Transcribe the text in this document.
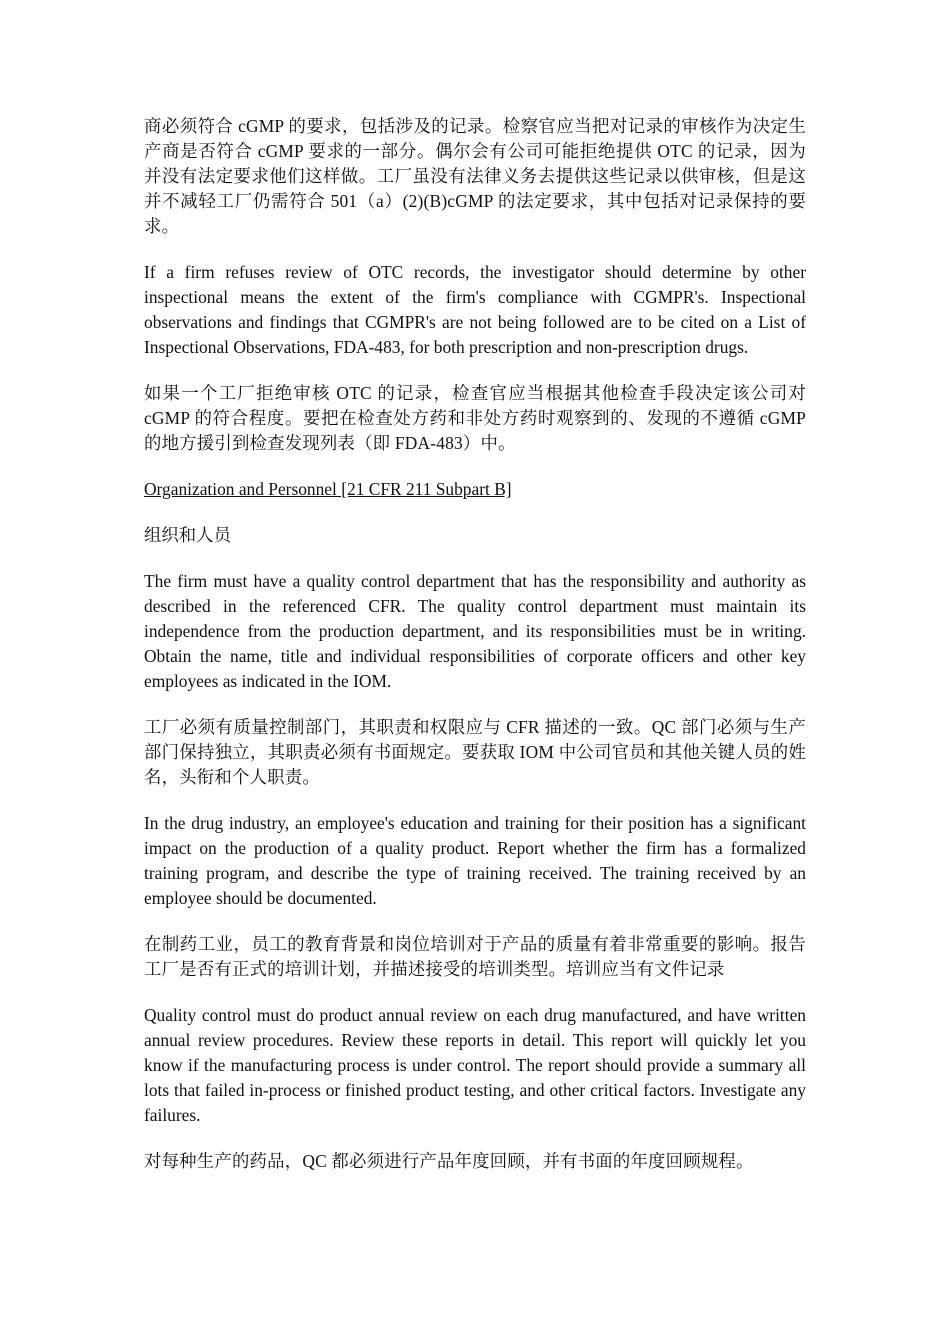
商必须符合 cGMP 的要求，包括涉及的记录。检察官应当把对记录的审核作为决定生产商是否符合 cGMP 要求的一部分。偶尔会有公司可能拒绝提供 OTC 的记录，因为并没有法定要求他们这样做。工厂虽没有法律义务去提供这些记录以供审核，但是这并不减轻工厂仍需符合 501（a）(2)(B)cGMP 的法定要求，其中包括对记录保持的要求。

If a firm refuses review of OTC records, the investigator should determine by other inspectional means the extent of the firm's compliance with CGMPR's. Inspectional observations and findings that CGMPR's are not being followed are to be cited on a List of Inspectional Observations, FDA-483, for both prescription and non-prescription drugs.

如果一个工厂拒绝审核 OTC 的记录，检查官应当根据其他检查手段决定该公司对 cGMP 的符合程度。要把在检查处方药和非处方药时观察到的、发现的不遵循 cGMP 的地方援引到检查发现列表（即 FDA-483）中。

Organization and Personnel [21 CFR 211 Subpart B]

组织和人员

The firm must have a quality control department that has the responsibility and authority as described in the referenced CFR. The quality control department must maintain its independence from the production department, and its responsibilities must be in writing. Obtain the name, title and individual responsibilities of corporate officers and other key employees as indicated in the IOM.

工厂必须有质量控制部门，其职责和权限应与 CFR 描述的一致。QC 部门必须与生产部门保持独立，其职责必须有书面规定。要获取 IOM 中公司官员和其他关键人员的姓名，头衔和个人职责。

In the drug industry, an employee's education and training for their position has a significant impact on the production of a quality product. Report whether the firm has a formalized training program, and describe the type of training received. The training received by an employee should be documented.

在制药工业，员工的教育背景和岗位培训对于产品的质量有着非常重要的影响。报告工厂是否有正式的培训计划，并描述接受的培训类型。培训应当有文件记录

Quality control must do product annual review on each drug manufactured, and have written annual review procedures. Review these reports in detail. This report will quickly let you know if the manufacturing process is under control. The report should provide a summary all lots that failed in-process or finished product testing, and other critical factors. Investigate any failures.

对每种生产的药品，QC 都必须进行产品年度回顾，并有书面的年度回顾规程。
